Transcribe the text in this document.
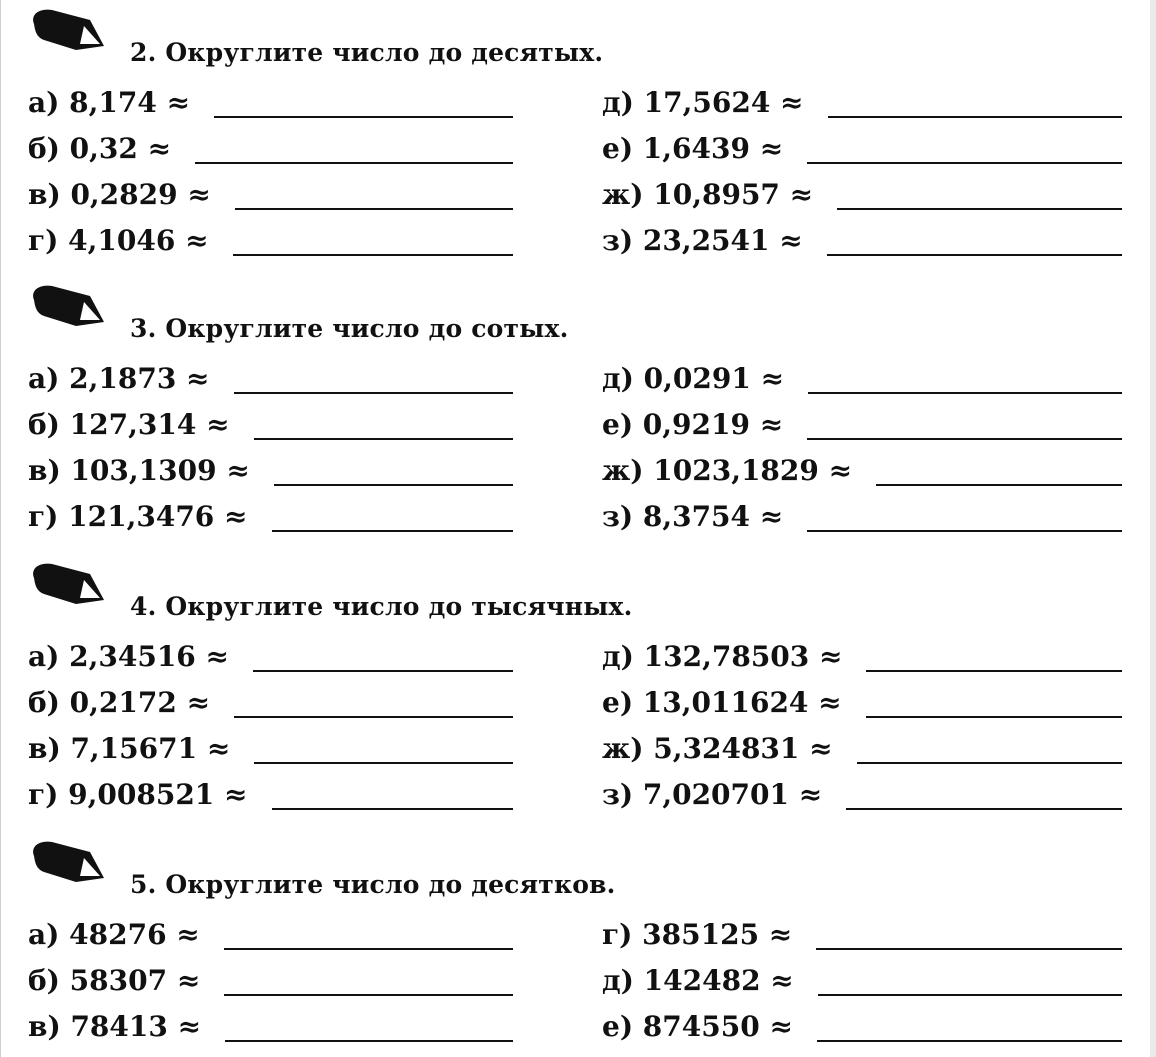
2. Округлите число до десятых.
а) 8,174 ≈
б) 0,32 ≈
в) 0,2829 ≈
г) 4,1046 ≈
д) 17,5624 ≈
е) 1,6439 ≈
ж) 10,8957 ≈
з) 23,2541 ≈
3. Округлите число до сотых.
а) 2,1873 ≈
б) 127,314 ≈
в) 103,1309 ≈
г) 121,3476 ≈
д) 0,0291 ≈
е) 0,9219 ≈
ж) 1023,1829 ≈
з) 8,3754 ≈
4. Округлите число до тысячных.
а) 2,34516 ≈
б) 0,2172 ≈
в) 7,15671 ≈
г) 9,008521 ≈
д) 132,78503 ≈
е) 13,011624 ≈
ж) 5,324831 ≈
з) 7,020701 ≈
5. Округлите число до десятков.
а) 48276 ≈
б) 58307 ≈
в) 78413 ≈
г) 385125 ≈
д) 142482 ≈
е) 874550 ≈
